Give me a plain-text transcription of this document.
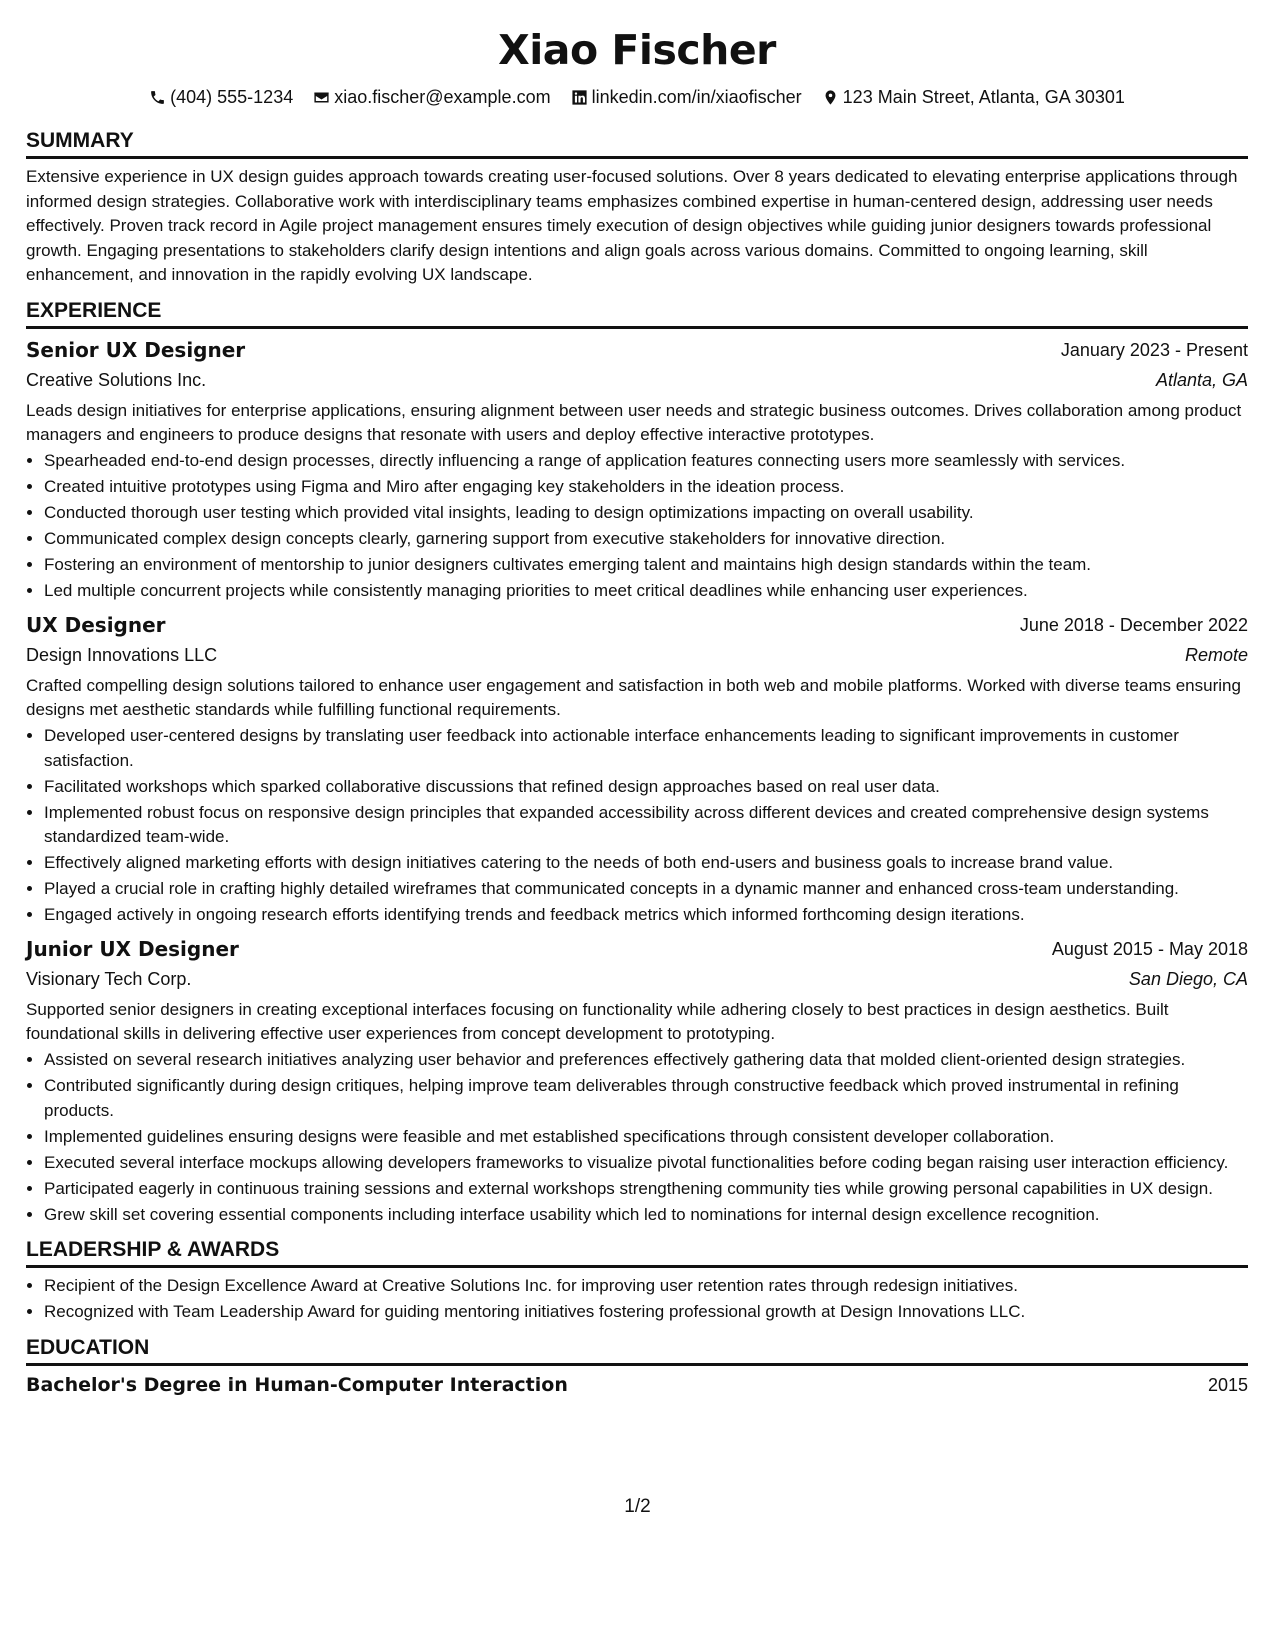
Xiao Fischer
(404) 555-1234 xiao.fischer@example.com linkedin.com/in/xiaofischer 123 Main Street, Atlanta, GA 30301
SUMMARY

Extensive experience in UX design guides approach towards creating user-focused solutions. Over 8 years dedicated to elevating enterprise applications through informed design strategies. Collaborative work with interdisciplinary teams emphasizes combined expertise in human-centered design, addressing user needs effectively. Proven track record in Agile project management ensures timely execution of design objectives while guiding junior designers towards professional growth. Engaging presentations to stakeholders clarify design intentions and align goals across various domains. Committed to ongoing learning, skill enhancement, and innovation in the rapidly evolving UX landscape.

EXPERIENCE
Senior UX Designer	January 2023 - Present
Creative Solutions Inc.	Atlanta, GA

Leads design initiatives for enterprise applications, ensuring alignment between user needs and strategic business outcomes. Drives collaboration among product managers and engineers to produce designs that resonate with users and deploy effective interactive prototypes.

• Spearheaded end-to-end design processes, directly influencing a range of application features connecting users more seamlessly with services.
• Created intuitive prototypes using Figma and Miro after engaging key stakeholders in the ideation process.
• Conducted thorough user testing which provided vital insights, leading to design optimizations impacting on overall usability.
• Communicated complex design concepts clearly, garnering support from executive stakeholders for innovative direction.
• Fostering an environment of mentorship to junior designers cultivates emerging talent and maintains high design standards within the team.
• Led multiple concurrent projects while consistently managing priorities to meet critical deadlines while enhancing user experiences.
UX Designer	June 2018 - December 2022
Design Innovations LLC	Remote

Crafted compelling design solutions tailored to enhance user engagement and satisfaction in both web and mobile platforms. Worked with diverse teams ensuring designs met aesthetic standards while fulfilling functional requirements.

• Developed user-centered designs by translating user feedback into actionable interface enhancements leading to significant improvements in customer satisfaction.
• Facilitated workshops which sparked collaborative discussions that refined design approaches based on real user data.
• Implemented robust focus on responsive design principles that expanded accessibility across different devices and created comprehensive design systems standardized team-wide.
• Effectively aligned marketing efforts with design initiatives catering to the needs of both end-users and business goals to increase brand value.
• Played a crucial role in crafting highly detailed wireframes that communicated concepts in a dynamic manner and enhanced cross-team understanding.
• Engaged actively in ongoing research efforts identifying trends and feedback metrics which informed forthcoming design iterations.
Junior UX Designer	August 2015 - May 2018
Visionary Tech Corp.	San Diego, CA

Supported senior designers in creating exceptional interfaces focusing on functionality while adhering closely to best practices in design aesthetics. Built foundational skills in delivering effective user experiences from concept development to prototyping.

• Assisted on several research initiatives analyzing user behavior and preferences effectively gathering data that molded client-oriented design strategies.
• Contributed significantly during design critiques, helping improve team deliverables through constructive feedback which proved instrumental in refining products.
• Implemented guidelines ensuring designs were feasible and met established specifications through consistent developer collaboration.
• Executed several interface mockups allowing developers frameworks to visualize pivotal functionalities before coding began raising user interaction efficiency.
• Participated eagerly in continuous training sessions and external workshops strengthening community ties while growing personal capabilities in UX design.
• Grew skill set covering essential components including interface usability which led to nominations for internal design excellence recognition.
LEADERSHIP & AWARDS
• Recipient of the Design Excellence Award at Creative Solutions Inc. for improving user retention rates through redesign initiatives.
• Recognized with Team Leadership Award for guiding mentoring initiatives fostering professional growth at Design Innovations LLC.
EDUCATION
Bachelor's Degree in Human-Computer Interaction	2015
1/2
